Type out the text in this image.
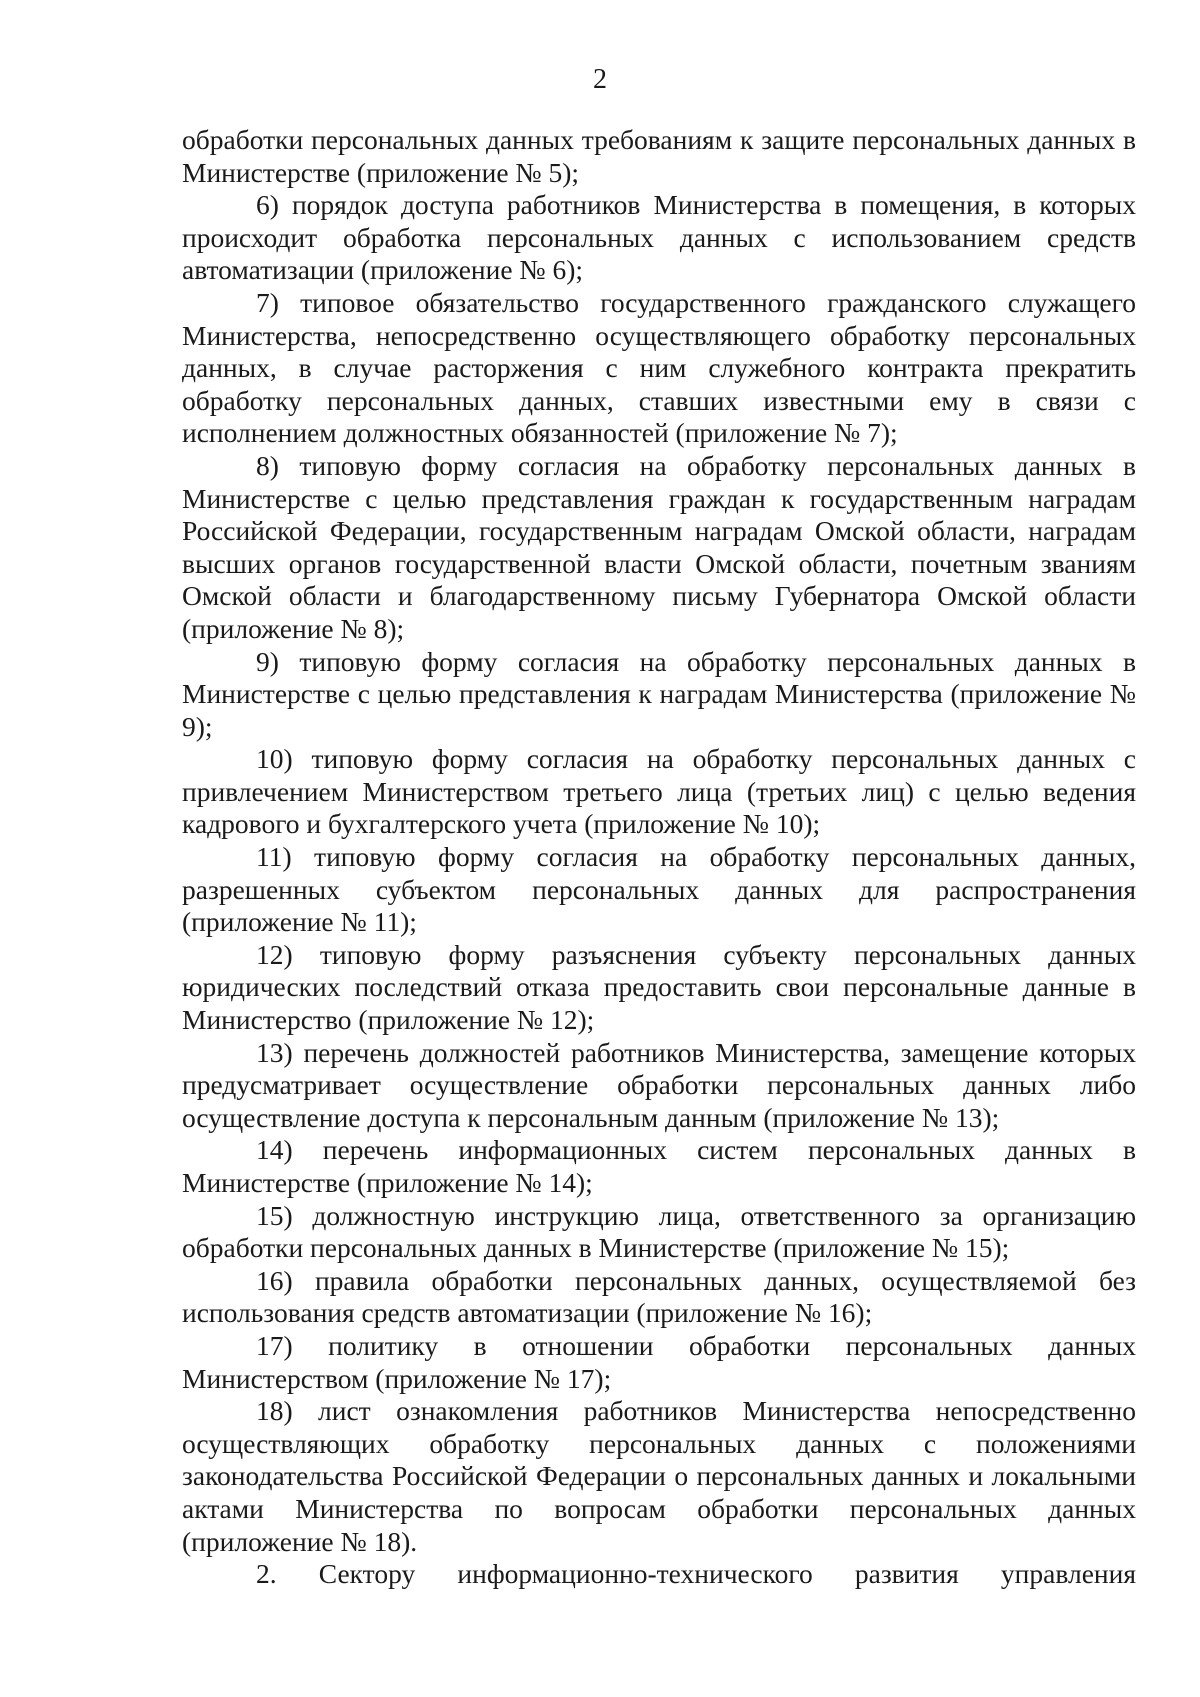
2

обработки персональных данных требованиям к защите персональных данных в Министерстве (приложение № 5);

6) порядок доступа работников Министерства в помещения, в которых происходит обработка персональных данных с использованием средств автоматизации (приложение № 6);

7) типовое обязательство государственного гражданского служащего Министерства, непосредственно осуществляющего обработку персональных данных, в случае расторжения с ним служебного контракта прекратить обработку персональных данных, ставших известными ему в связи с исполнением должностных обязанностей (приложение № 7);

8) типовую форму согласия на обработку персональных данных в Министерстве с целью представления граждан к государственным наградам Российской Федерации, государственным наградам Омской области, наградам высших органов государственной власти Омской области, почетным званиям Омской области и благодарственному письму Губернатора Омской области (приложение № 8);

9) типовую форму согласия на обработку персональных данных в Министерстве с целью представления к наградам Министерства (приложение № 9);

10) типовую форму согласия на обработку персональных данных с привлечением Министерством третьего лица (третьих лиц) с целью ведения кадрового и бухгалтерского учета (приложение № 10);

11) типовую форму согласия на обработку персональных данных, разрешенных субъектом персональных данных для распространения (приложение № 11);

12) типовую форму разъяснения субъекту персональных данных юридических последствий отказа предоставить свои персональные данные в Министерство (приложение № 12);

13) перечень должностей работников Министерства, замещение которых предусматривает осуществление обработки персональных данных либо осуществление доступа к персональным данным (приложение № 13);

14) перечень информационных систем персональных данных в Министерстве (приложение № 14);

15) должностную инструкцию лица, ответственного за организацию обработки персональных данных в Министерстве (приложение № 15);

16) правила обработки персональных данных, осуществляемой без использования средств автоматизации (приложение № 16);

17) политику в отношении обработки персональных данных Министерством (приложение № 17);

18) лист ознакомления работников Министерства непосредственно осуществляющих обработку персональных данных с положениями законодательства Российской Федерации о персональных данных и локальными актами Министерства по вопросам обработки персональных данных (приложение № 18).

2. Сектору информационно-технического развития управления
